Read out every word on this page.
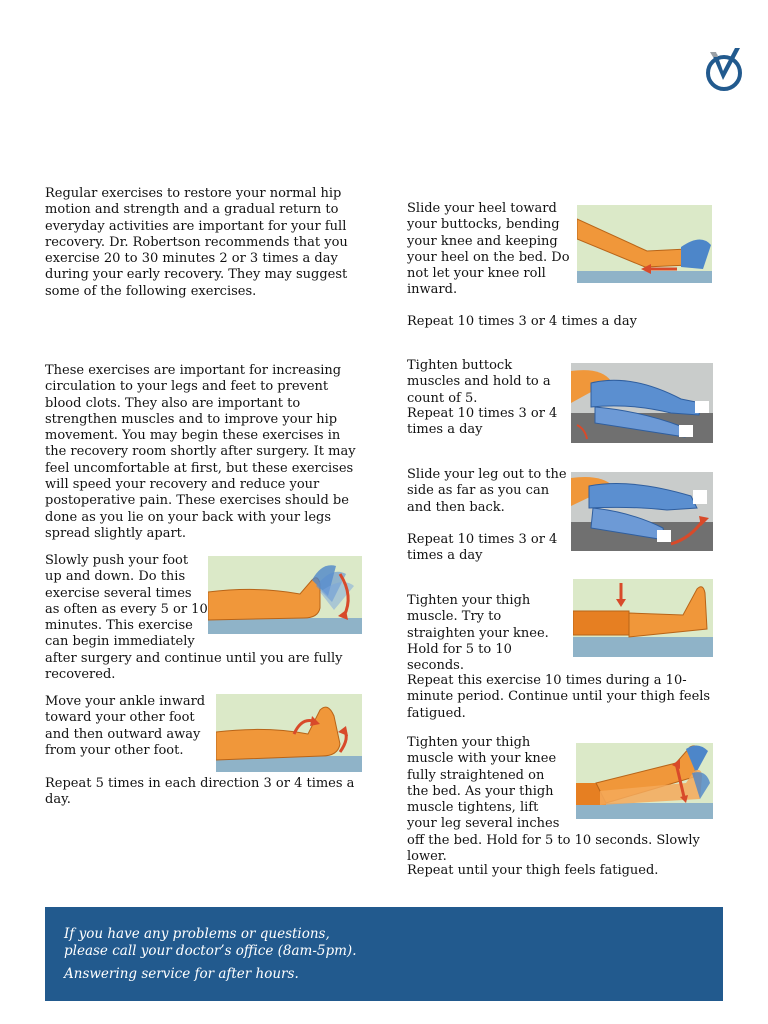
Regular exercises to restore your normal hip motion and strength and a gradual return to everyday activities are important for your full recovery. Dr. Robertson recommends that you exercise 20 to 30 minutes 2 or 3 times a day during your early recovery. They may suggest some of the following exercises.

These exercises are important for increasing circulation to your legs and feet to prevent blood clots. They also are important to strengthen muscles and to improve your hip movement. You may begin these exercises in the recovery room shortly after surgery. It may feel uncomfortable at first, but these exercises will speed your recovery and reduce your postoperative pain. These exercises should be done as you lie on your back with your legs spread slightly apart.

Slowly push your foot up and down. Do this exercise several times as often as every 5 or 10 minutes. This exercise can begin immediately after surgery and continue until you are fully recovered.

Move your ankle inward toward your other foot and then outward away from your other foot.

Repeat 5 times in each direction 3 or 4 times a day.

Slide your heel toward your buttocks, bending your knee and keeping your heel on the bed. Do not let your knee roll inward.

Repeat 10 times 3 or 4 times a day

Tighten buttock muscles and hold to a count of 5.

Repeat 10 times 3 or 4 times a day

Slide your leg out to the side as far as you can and then back.

Repeat 10 times 3 or 4 times a day

Tighten your thigh muscle. Try to straighten your knee. Hold for 5 to 10 seconds.

Repeat this exercise 10 times during a 10-minute period. Continue until your thigh feels fatigued.

Tighten your thigh muscle with your knee fully straightened on the bed. As your thigh muscle tightens, lift your leg several inches off the bed. Hold for 5 to 10 seconds. Slowly lower.

Repeat until your thigh feels fatigued.

If you have any problems or questions,

please call your doctor’s office (8am-5pm).

Answering service for after hours.
